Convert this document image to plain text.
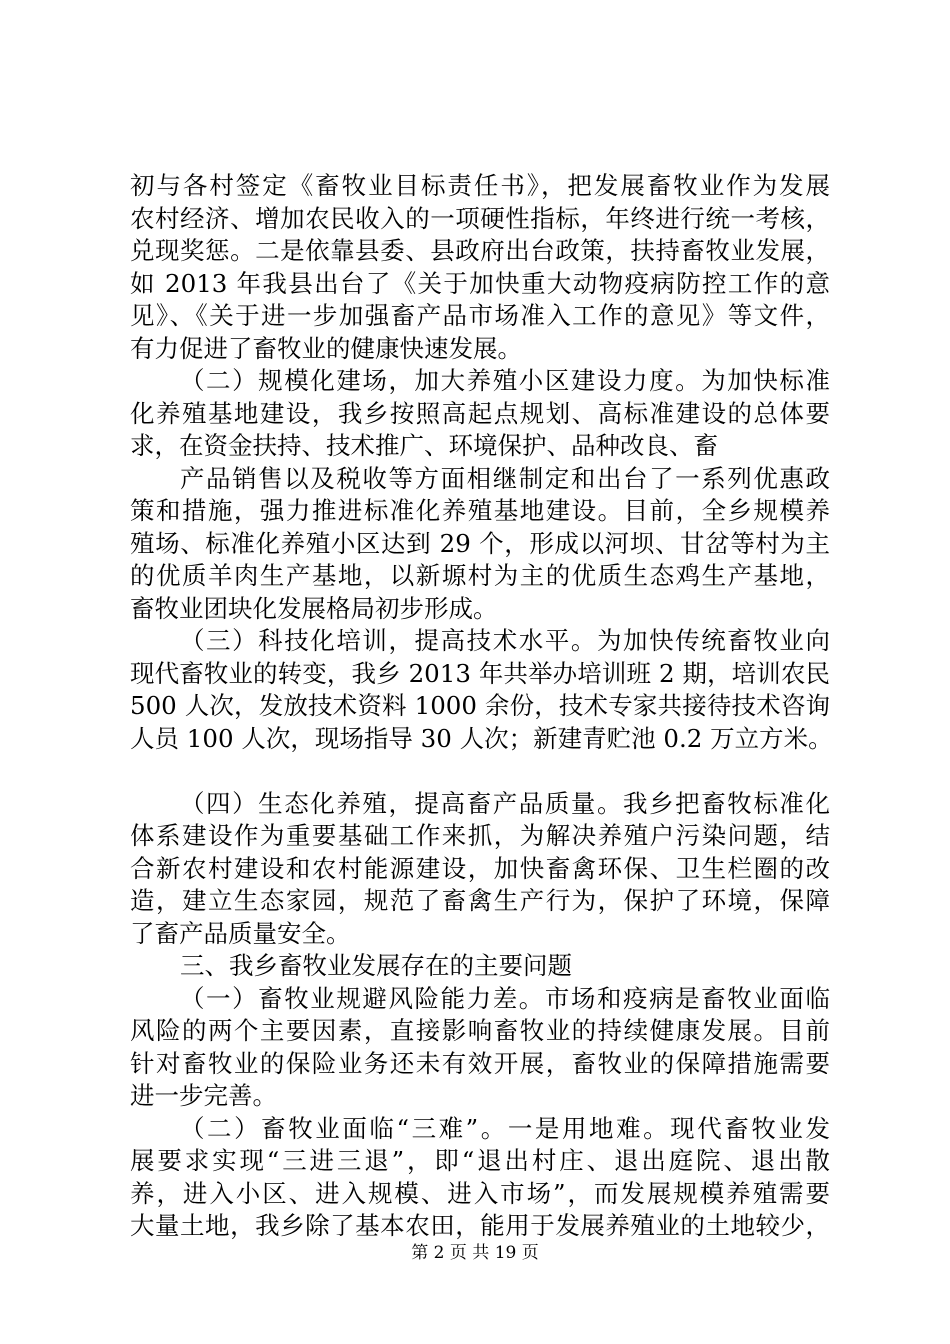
初与各村签定《畜牧业目标责任书》，把发展畜牧业作为发展
农村经济、增加农民收入的一项硬性指标，年终进行统一考核，
兑现奖惩。二是依靠县委、县政府出台政策，扶持畜牧业发展，
如 2013 年我县出台了《关于加快重大动物疫病防控工作的意
见》、《关于进一步加强畜产品市场准入工作的意见》等文件，
有力促进了畜牧业的健康快速发展。
（二）规模化建场，加大养殖小区建设力度。为加快标准
化养殖基地建设，我乡按照高起点规划、高标准建设的总体要
求，在资金扶持、技术推广、环境保护、品种改良、畜
产品销售以及税收等方面相继制定和出台了一系列优惠政
策和措施，强力推进标准化养殖基地建设。目前，全乡规模养
殖场、标准化养殖小区达到 29 个，形成以河坝、甘岔等村为主
的优质羊肉生产基地，以新塬村为主的优质生态鸡生产基地，
畜牧业团块化发展格局初步形成。
（三）科技化培训，提高技术水平。为加快传统畜牧业向
现代畜牧业的转变，我乡 2013 年共举办培训班 2 期，培训农民
500 人次，发放技术资料 1000 余份，技术专家共接待技术咨询
人员 100 人次，现场指导 30 人次；新建青贮池 0.2 万立方米。
（四）生态化养殖，提高畜产品质量。我乡把畜牧标准化
体系建设作为重要基础工作来抓，为解决养殖户污染问题，结
合新农村建设和农村能源建设，加快畜禽环保、卫生栏圈的改
造，建立生态家园，规范了畜禽生产行为，保护了环境，保障
了畜产品质量安全。
三、我乡畜牧业发展存在的主要问题
（一）畜牧业规避风险能力差。市场和疫病是畜牧业面临
风险的两个主要因素，直接影响畜牧业的持续健康发展。目前
针对畜牧业的保险业务还未有效开展，畜牧业的保障措施需要
进一步完善。
（二）畜牧业面临“三难”。一是用地难。现代畜牧业发
展要求实现“三进三退”，即“退出村庄、退出庭院、退出散
养，进入小区、进入规模、进入市场”，而发展规模养殖需要
大量土地，我乡除了基本农田，能用于发展养殖业的土地较少，
第 2 页 共 19 页
